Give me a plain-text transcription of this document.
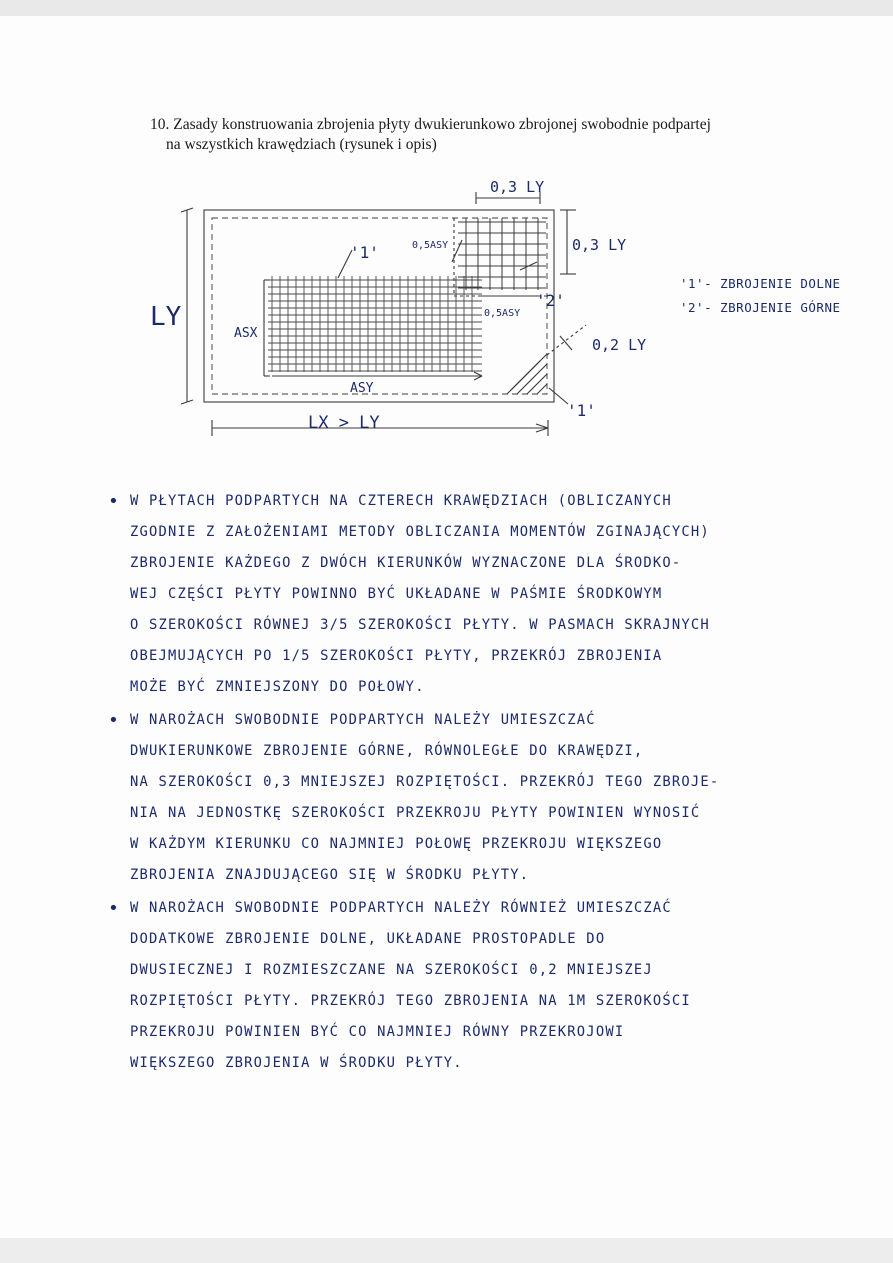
10. Zasady konstruowania zbrojenia płyty dwukierunkowo zbrojonej swobodnie podpartej
na wszystkich krawędziach (rysunek i opis)
LY
LX > LY
0,3 LY
0,3 LY
0,2 LY
ASX
ASY
0,5ASY
0,5ASY
'1'
'2'
'1'
'1'- ZBROJENIE DOLNE
'2'- ZBROJENIE GÓRNE
• W PŁYTACH PODPARTYCH NA CZTERECH KRAWĘDZIACH (OBLICZANYCH
ZGODNIE Z ZAŁOŻENIAMI METODY OBLICZANIA MOMENTÓW ZGINAJĄCYCH)
ZBROJENIE KAŻDEGO Z DWÓCH KIERUNKÓW WYZNACZONE DLA ŚRODKO-
WEJ CZĘŚCI PŁYTY POWINNO BYĆ UKŁADANE W PAŚMIE ŚRODKOWYM
O SZEROKOŚCI RÓWNEJ 3/5 SZEROKOŚCI PŁYTY. W PASMACH SKRAJNYCH
OBEJMUJĄCYCH PO 1/5 SZEROKOŚCI PŁYTY, PRZEKRÓJ ZBROJENIA
MOŻE BYĆ ZMNIEJSZONY DO POŁOWY.
• W NAROŻACH SWOBODNIE PODPARTYCH NALEŻY UMIESZCZAĆ
DWUKIERUNKOWE ZBROJENIE GÓRNE, RÓWNOLEGŁE DO KRAWĘDZI,
NA SZEROKOŚCI 0,3 MNIEJSZEJ ROZPIĘTOŚCI. PRZEKRÓJ TEGO ZBROJE-
NIA NA JEDNOSTKĘ SZEROKOŚCI PRZEKROJU PŁYTY POWINIEN WYNOSIĆ
W KAŻDYM KIERUNKU CO NAJMNIEJ POŁOWĘ PRZEKROJU WIĘKSZEGO
ZBROJENIA ZNAJDUJĄCEGO SIĘ W ŚRODKU PŁYTY.
• W NAROŻACH SWOBODNIE PODPARTYCH NALEŻY RÓWNIEŻ UMIESZCZAĆ
DODATKOWE ZBROJENIE DOLNE, UKŁADANE PROSTOPADLE DO
DWUSIECZNEJ I ROZMIESZCZANE NA SZEROKOŚCI 0,2 MNIEJSZEJ
ROZPIĘTOŚCI PŁYTY. PRZEKRÓJ TEGO ZBROJENIA NA 1M SZEROKOŚCI
PRZEKROJU POWINIEN BYĆ CO NAJMNIEJ RÓWNY PRZEKROJOWI
WIĘKSZEGO ZBROJENIA W ŚRODKU PŁYTY.
